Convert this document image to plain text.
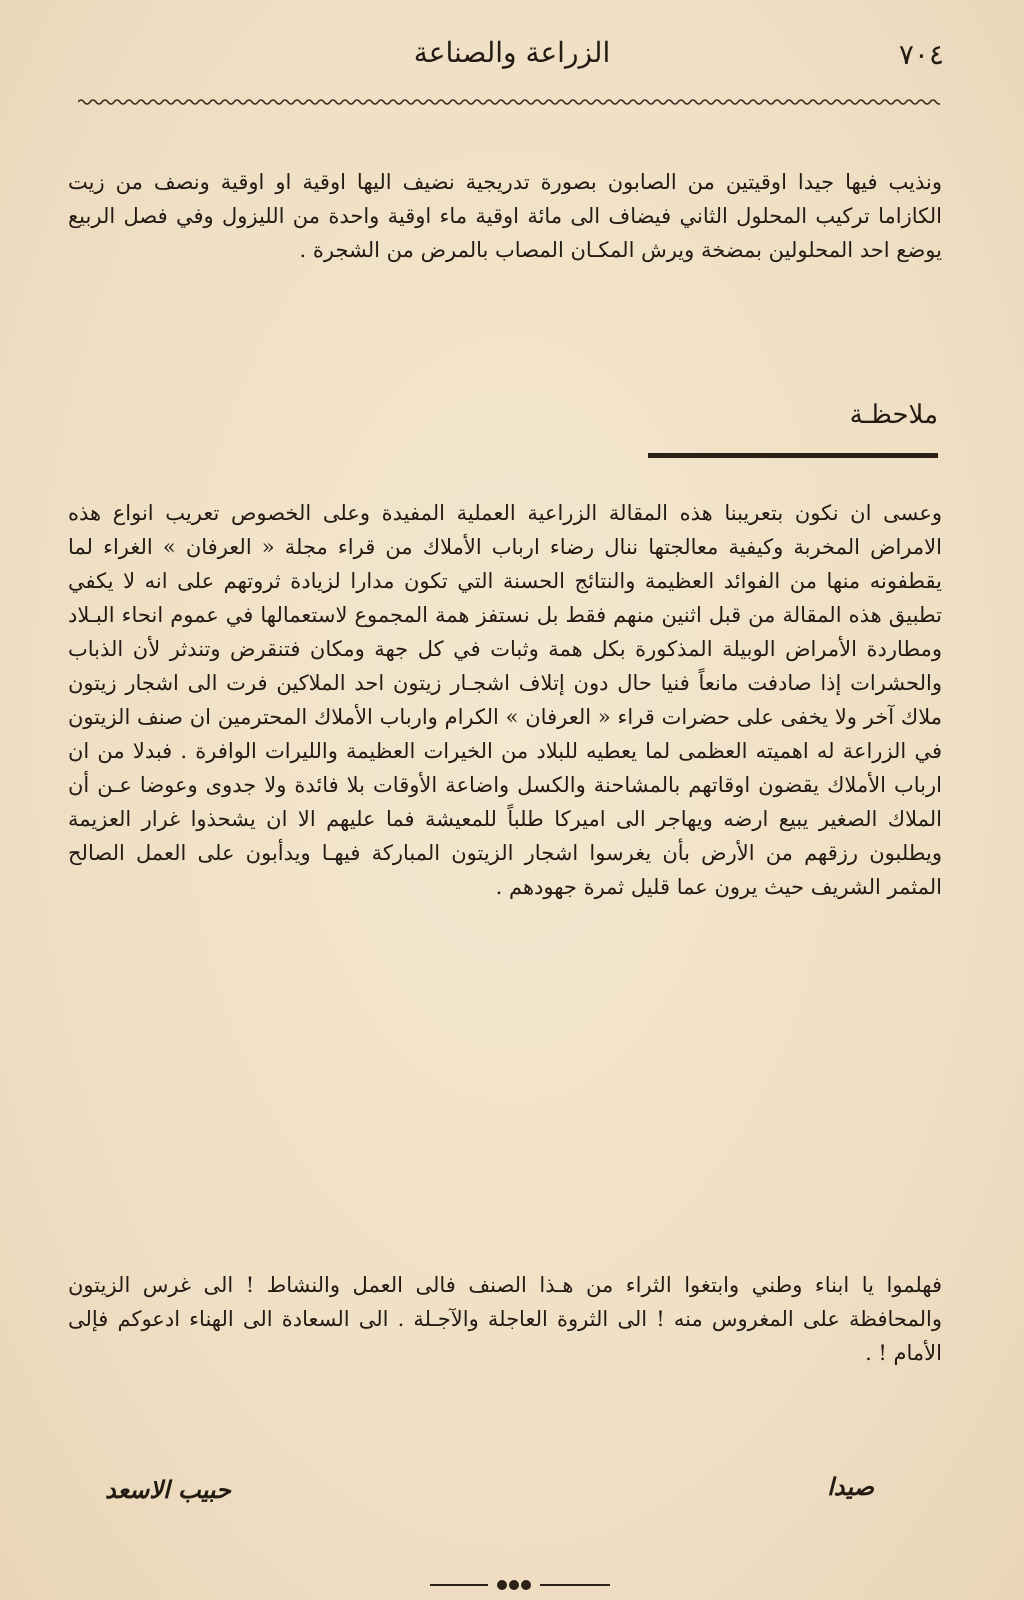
٧٠٤
الزراعة والصناعة

ونذيب فيها جيدا اوقيتين من الصابون بصورة تدريجية نضيف اليها اوقية او اوقية ونصف من زيت الكازاما تركيب المحلول الثاني فيضاف الى مائة اوقية ماء اوقية واحدة من الليزول وفي فصل الربيع يوضع احد المحلولين بمضخة ويرش المكـان المصاب بالمرض من الشجرة .

ملاحظـة

وعسى ان نكون بتعريبنا هذه المقالة الزراعية العملية المفيدة وعلى الخصوص تعريب انواع هذه الامراض المخربة وكيفية معالجتها ننال رضاء ارباب الأملاك من قراء مجلة « العرفان » الغراء لما يقطفونه منها من الفوائد العظيمة والنتائج الحسنة التي تكون مدارا لزيادة ثروتهم على انه لا يكفي تطبيق هذه المقالة من قبل اثنين منهم فقط بل نستفز همة المجموع لاستعمالها في عموم انحاء البـلاد ومطاردة الأمراض الوبيلة المذكورة بكل همة وثبات في كل جهة ومكان فتنقرض وتندثر لأن الذباب والحشرات إذا صادفت مانعاً فنيا حال دون إتلاف اشجـار زيتون احد الملاكين فرت الى اشجار زيتون ملاك آخر ولا يخفى على حضرات قراء « العرفان » الكرام وارباب الأملاك المحترمين ان صنف الزيتون في الزراعة له اهميته العظمى لما يعطيه للبلاد من الخيرات العظيمة والليرات الوافرة . فبدلا من ان ارباب الأملاك يقضون اوقاتهم بالمشاحنة والكسل واضاعة الأوقات بلا فائدة ولا جدوى وعوضا عـن أن الملاك الصغير يبيع ارضه ويهاجر الى اميركا طلباً للمعيشة فما عليهم الا ان يشحذوا غرار العزيمة ويطلبون رزقهم من الأرض بأن يغرسوا اشجار الزيتون المباركة فيهـا ويدأبون على العمل الصالح المثمر الشريف حيث يرون عما قليل ثمرة جهودهم .

فهلموا يا ابناء وطني وابتغوا الثراء من هـذا الصنف فالى العمل والنشاط ! الى غرس الزيتون والمحافظة على المغروس منه ! الى الثروة العاجلة والآجـلة . الى السعادة الى الهناء ادعوكم فإلى الأمام ! .

صيدا
حبيب الاسعد
